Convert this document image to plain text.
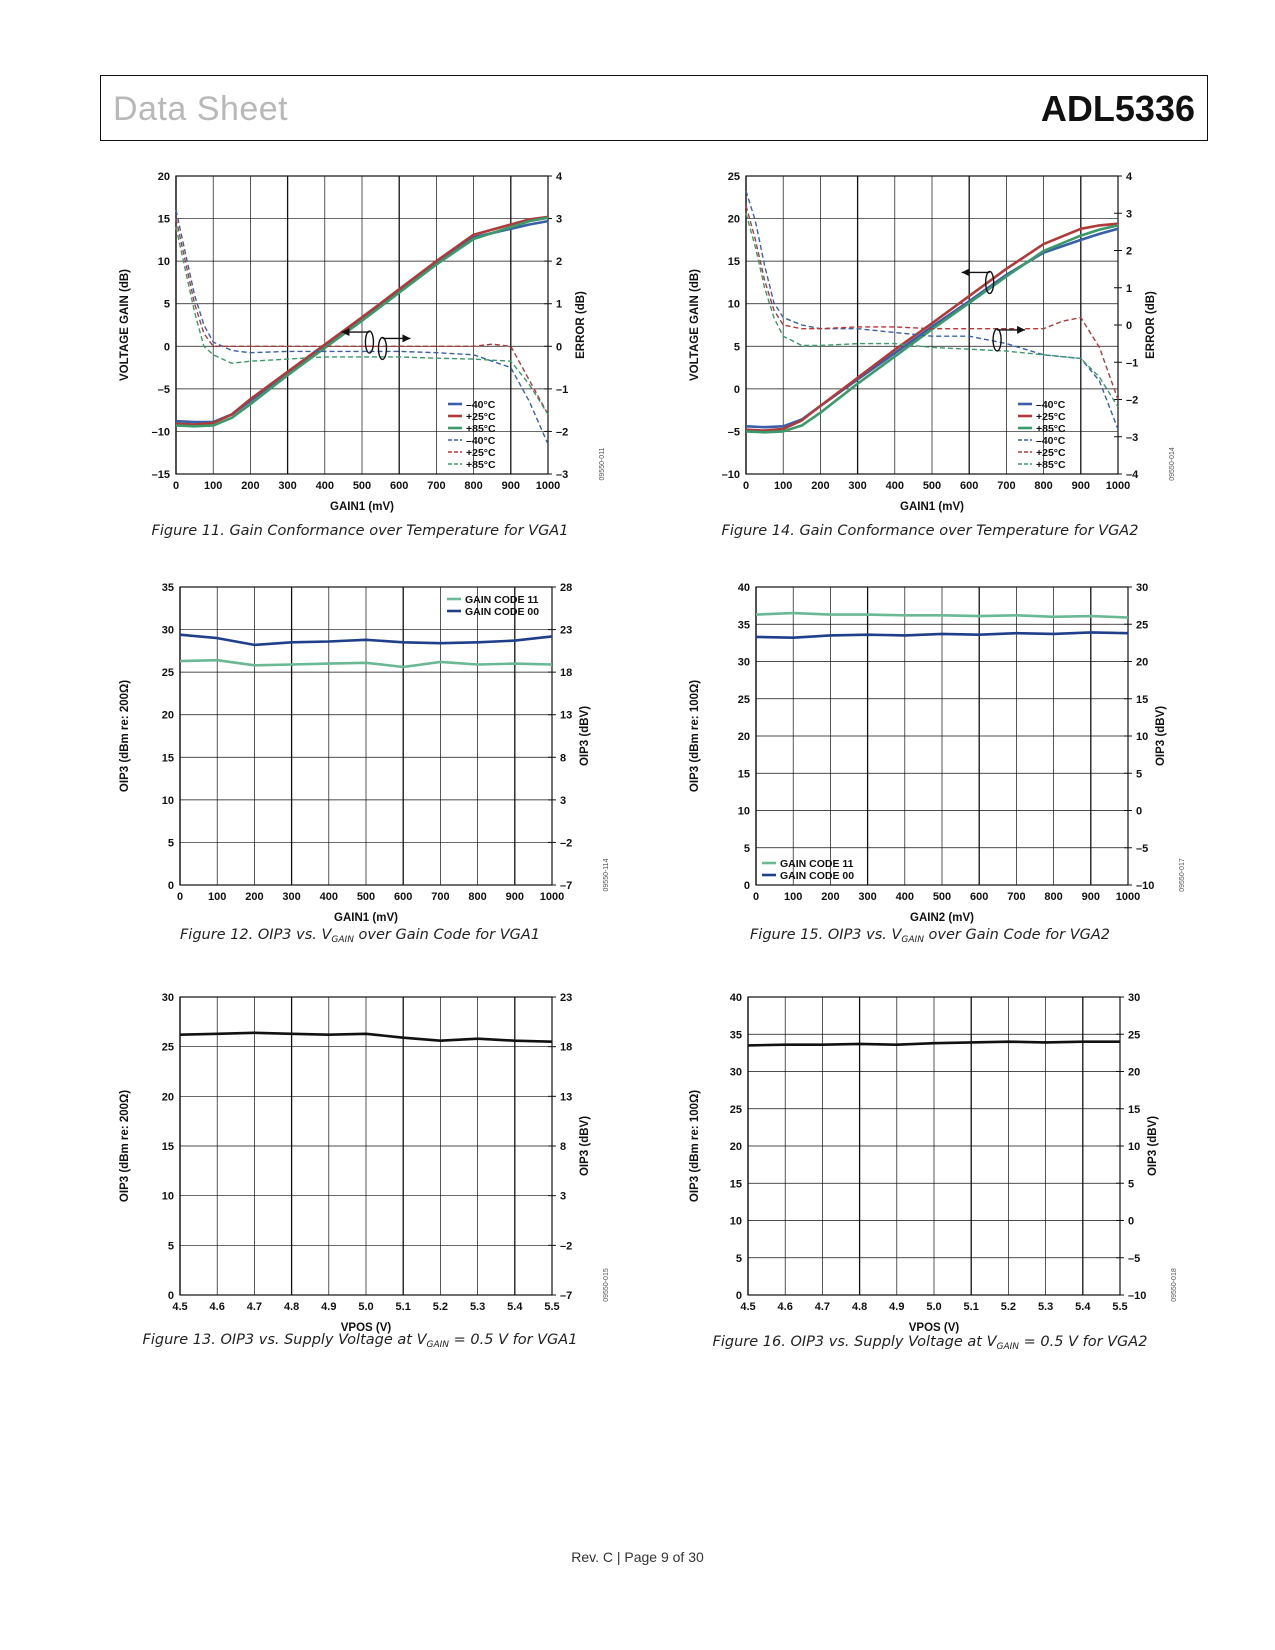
Data Sheet	ADL5336
0 100 200 300 400 500 600 700 800 900 1000
–15
–10
–5
0
5
10
15
20
–3
–2
–1
0
1
2
3
4
GAIN1 (mV)
VOLTAGE GAIN (dB)	ERROR (dB)
09550-011
–40°C
+25°C
+85°C
–40°C
+25°C
+85°C
0 100 200 300 400 500 600 700 800 900 1000
0
5
10
15
20
25
30
35
–7
–2
3
8
13
18
23
28
GAIN1 (mV)
OIP3 (dBm re: 200Ω)	OIP3 (dBV)
09550-114
GAIN CODE 11
GAIN CODE 00
4.5 4.6 4.7 4.8 4.9 5.0 5.1 5.2 5.3 5.4 5.5
0
5
10
15
20
25
30
–7
–2
3
8
13
18
23
VPOS (V)
OIP3 (dBm re: 200Ω)	OIP3 (dBV)
09550-015
0 100 200 300 400 500 600 700 800 900 1000
–10
–5
0
5
10
15
20
25
–4
–3
–2
–1
0
1
2
3
4
GAIN1 (mV)
VOLTAGE GAIN (dB)	ERROR (dB)
09550-014
–40°C
+25°C
+85°C
–40°C
+25°C
+85°C
0 100 200 300 400 500 600 700 800 900 1000
0
5
10
15
20
25
30
35
40
–10
–5
0
5
10
15
20
25
30
GAIN2 (mV)
OIP3 (dBm re: 100Ω)	OIP3 (dBV)
09550-017
GAIN CODE 11
GAIN CODE 00
4.5 4.6 4.7 4.8 4.9 5.0 5.1 5.2 5.3 5.4 5.5
0
5
10
15
20
25
30
35
40
–10
–5
0
5
10
15
20
25
30
VPOS (V)
OIP3 (dBm re: 100Ω)	OIP3 (dBV)
09550-018
Figure 11. Gain Conformance over Temperature for VGA1
Figure 12. OIP3 vs. $V_{GAIN}$ over Gain Code for VGA1
Figure 13. OIP3 vs. Supply Voltage at $V_{GAIN} = 0.5$ V for VGA1
Figure 14. Gain Conformance over Temperature for VGA2
Figure 15. OIP3 vs. $V_{GAIN}$ over Gain Code for VGA2
Figure 16. OIP3 vs. Supply Voltage at $V_{GAIN} = 0.5$ V for VGA2
Rev. C | Page 9 of 30
